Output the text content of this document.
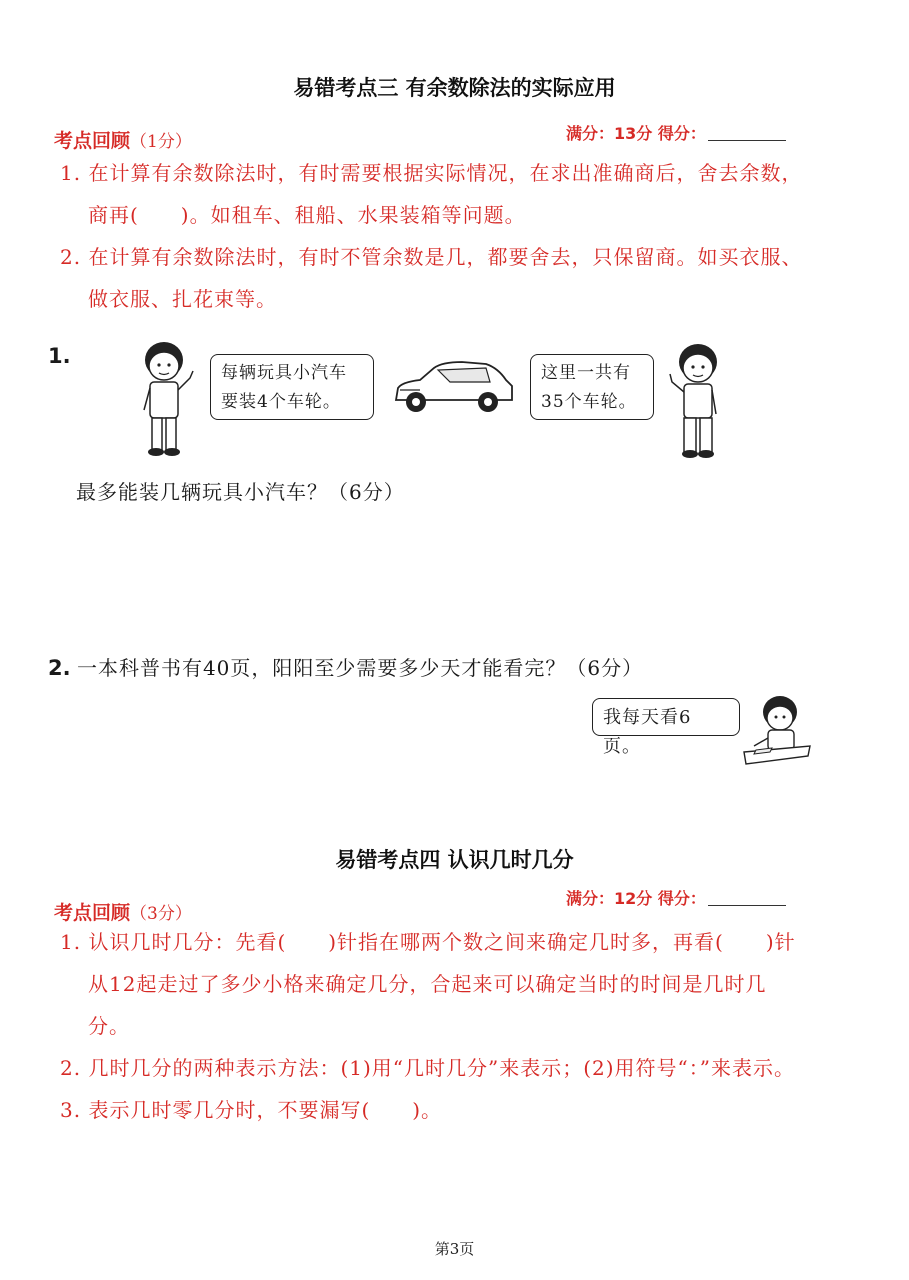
易错考点三 有余数除法的实际应用
考点回顾（1分）	满分：13分 得分：
1. 在计算有余数除法时，有时需要根据实际情况，在求出准确商后，舍去余数，商再(　　)。如租车、租船、水果装箱等问题。
2. 在计算有余数除法时，有时不管余数是几，都要舍去，只保留商。如买衣服、做衣服、扎花束等。
1.
每辆玩具小汽车
要装4个车轮。
这里一共有
35个车轮。
最多能装几辆玩具小汽车？（6分）
2. 一本科普书有40页，阳阳至少需要多少天才能看完？（6分）
我每天看6页。
易错考点四 认识几时几分
考点回顾（3分）
满分：12分 得分：
1. 认识几时几分：先看(　　)针指在哪两个数之间来确定几时多，再看(　　)针从12起走过了多少小格来确定几分，合起来可以确定当时的时间是几时几分。
2. 几时几分的两种表示方法：(1)用“几时几分”来表示；(2)用符号“：”来表示。
3. 表示几时零几分时，不要漏写(　　)。
第3页
